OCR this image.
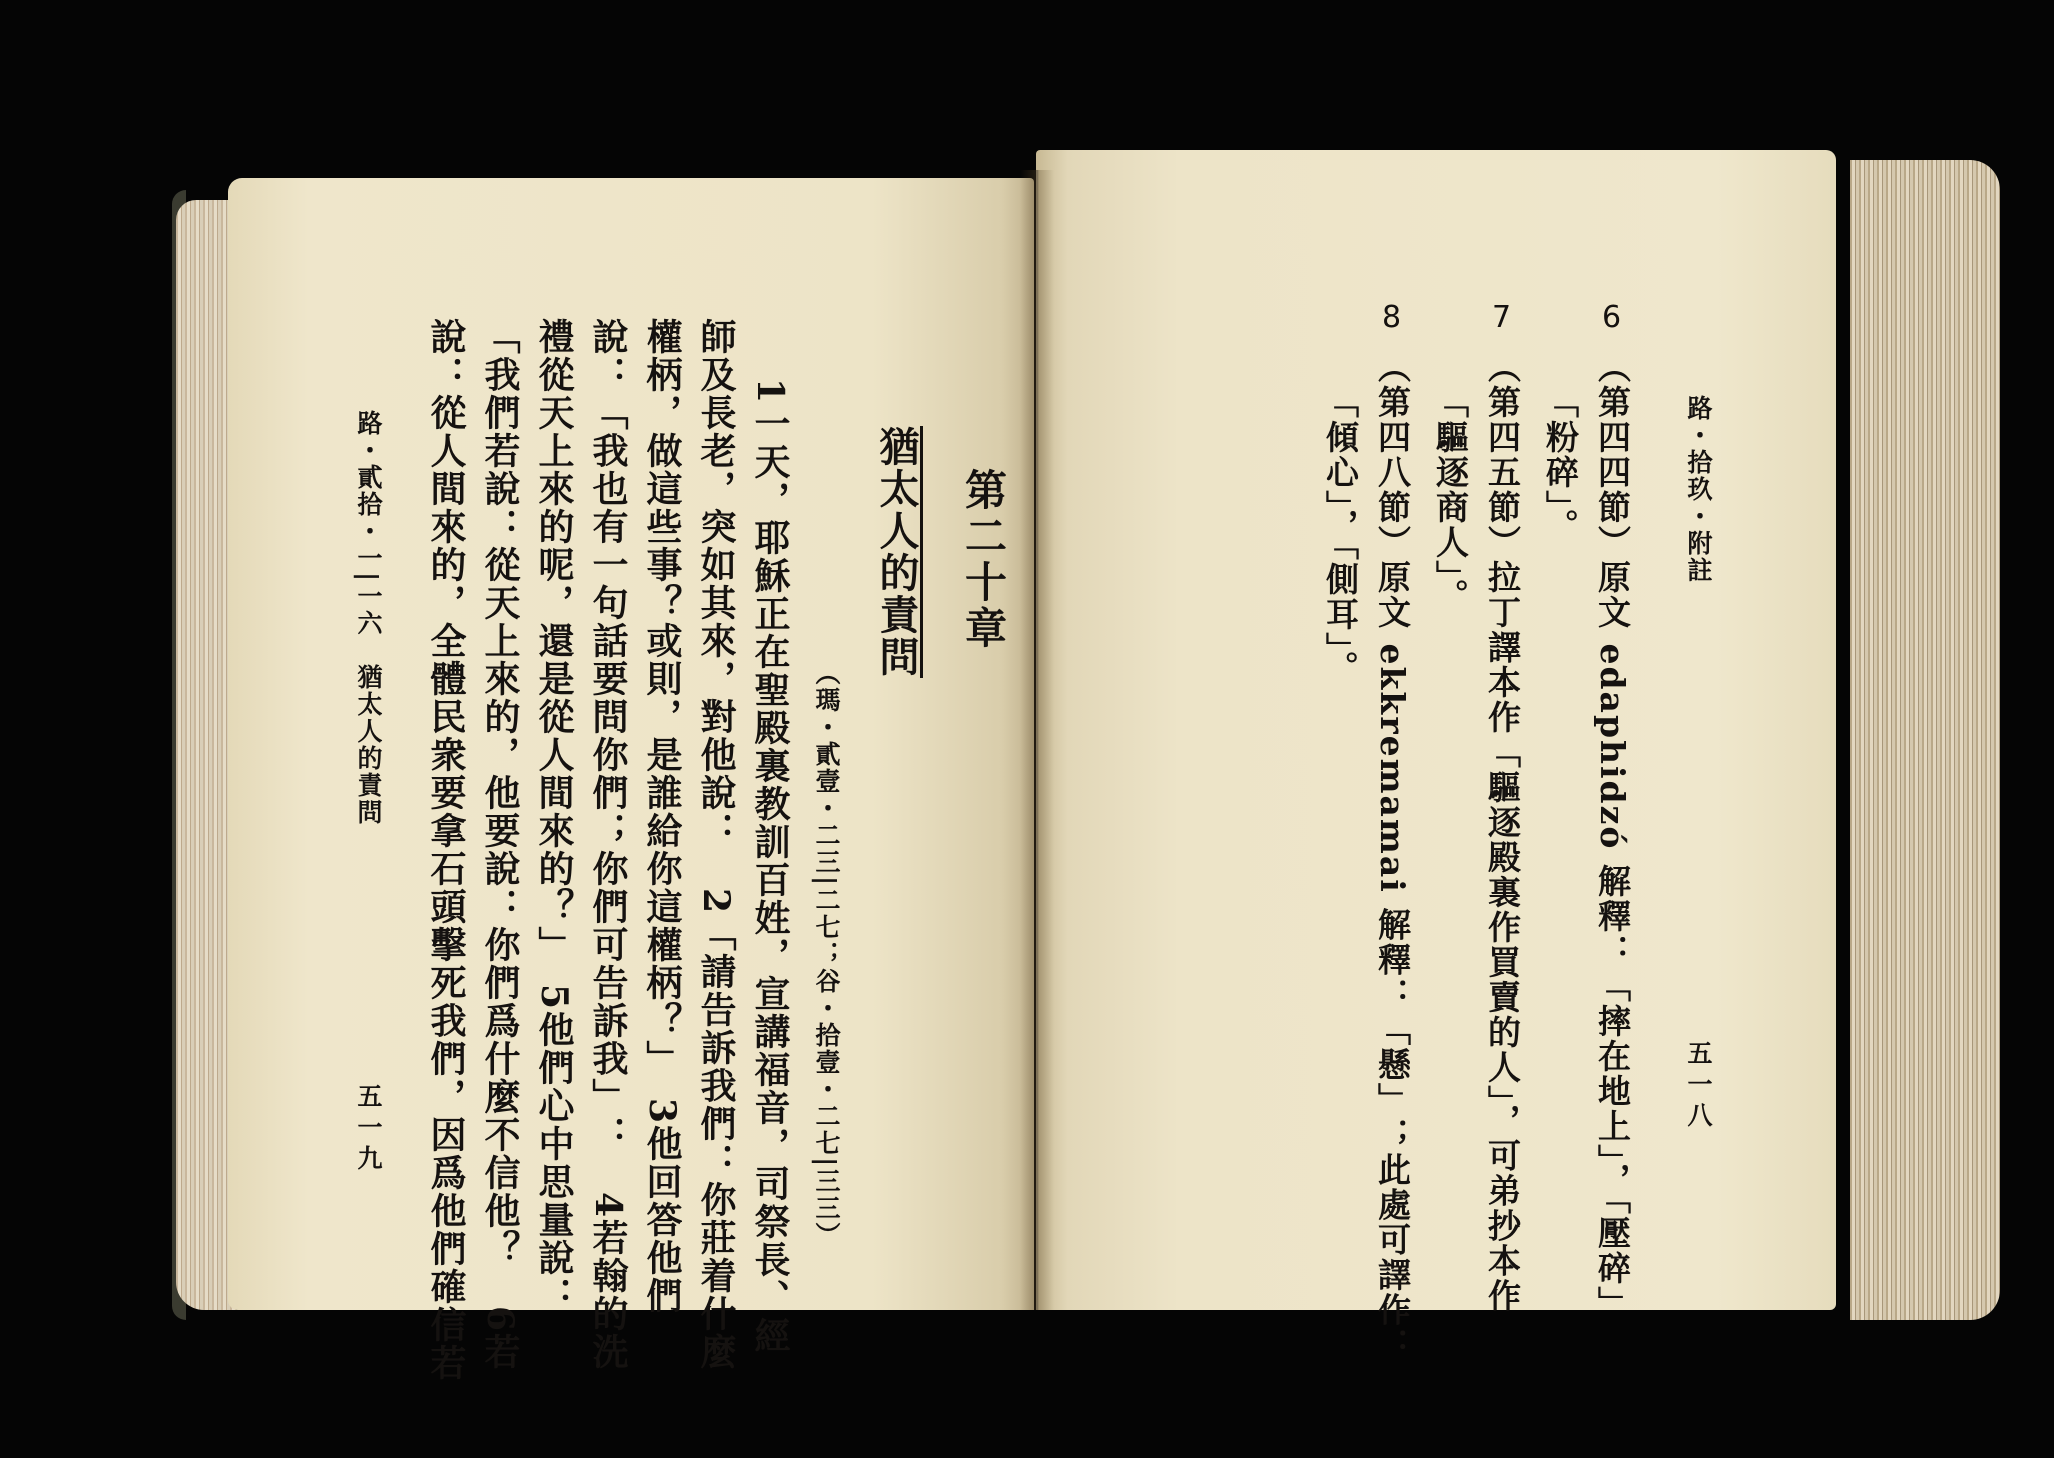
路・貳拾・一|一六　猶太人的責問
五一九
第二十章
猶太人的責問
（瑪・貳壹・二三|二七；谷・拾壹・二七|三三）
1一天，耶穌正在聖殿裏教訓百姓，宣講福音，司祭長、經
師及長老，突如其來，對他說：　2「請告訴我們：你莊着什麼
權柄，做這些事？或則，是誰給你這權柄？」　3他回答他們
說：「我也有一句話要問你們；你們可告訴我」：　4若翰的洗
禮從天上來的呢，還是從人間來的？」　5他們心中思量說：
「我們若說：從天上來的，他要說：你們爲什麼不信他？　6若
說：從人間來的，全體民衆要拿石頭擊死我們，因爲他們確信若	路・拾玖・附註
五一八
6
（第四四節）原文 edaphidzó 解釋：「摔在地上」，「壓碎」
「粉碎」。
7
（第四五節）拉丁譯本作「驅逐殿裏作買賣的人」，可弟抄本作
「驅逐商人」。
8
（第四八節）原文 ekkremamai 解釋：「懸」；此處可譯作：
「傾心」，「側耳」。
